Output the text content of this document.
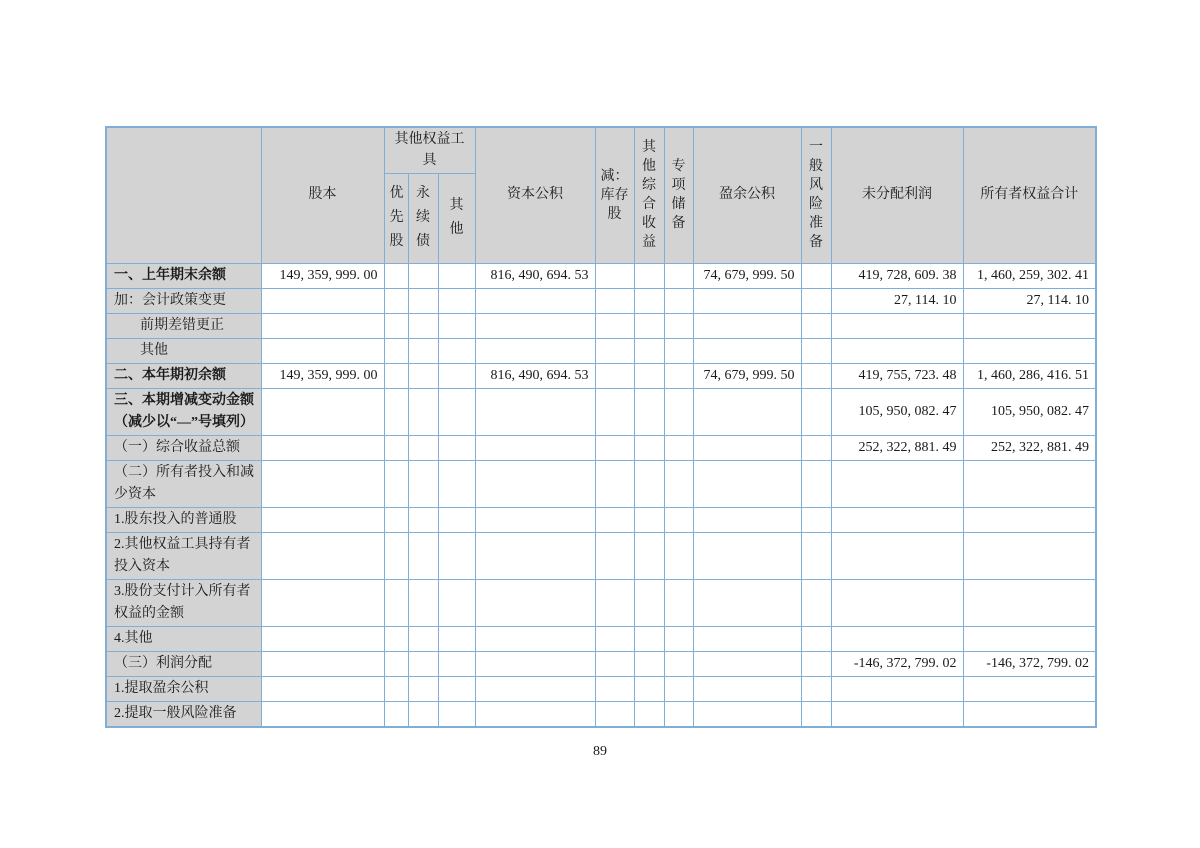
	股本	其他权益工具			资本公积	减：库存股	其他综合收益	专项储备	盈余公积	一般风险准备	未分配利润	所有者权益合计
		优先股	永续债	其他								
一、上年期末余额	149, 359, 999. 00				816, 490, 694. 53				74, 679, 999. 50		419, 728, 609. 38	1, 460, 259, 302. 41
加：会计政策变更											27, 114. 10	27, 114. 10
前期差错更正												
其他												
二、本年期初余额	149, 359, 999. 00				816, 490, 694. 53				74, 679, 999. 50		419, 755, 723. 48	1, 460, 286, 416. 51
三、本期增减变动金额（减少以“—”号填列）											105, 950, 082. 47	105, 950, 082. 47
（一）综合收益总额											252, 322, 881. 49	252, 322, 881. 49
（二）所有者投入和减少资本												
1.股东投入的普通股												
2.其他权益工具持有者投入资本												
3.股份支付计入所有者权益的金额												
4.其他												
（三）利润分配											-146, 372, 799. 02	-146, 372, 799. 02
1.提取盈余公积												
2.提取一般风险准备												
89
